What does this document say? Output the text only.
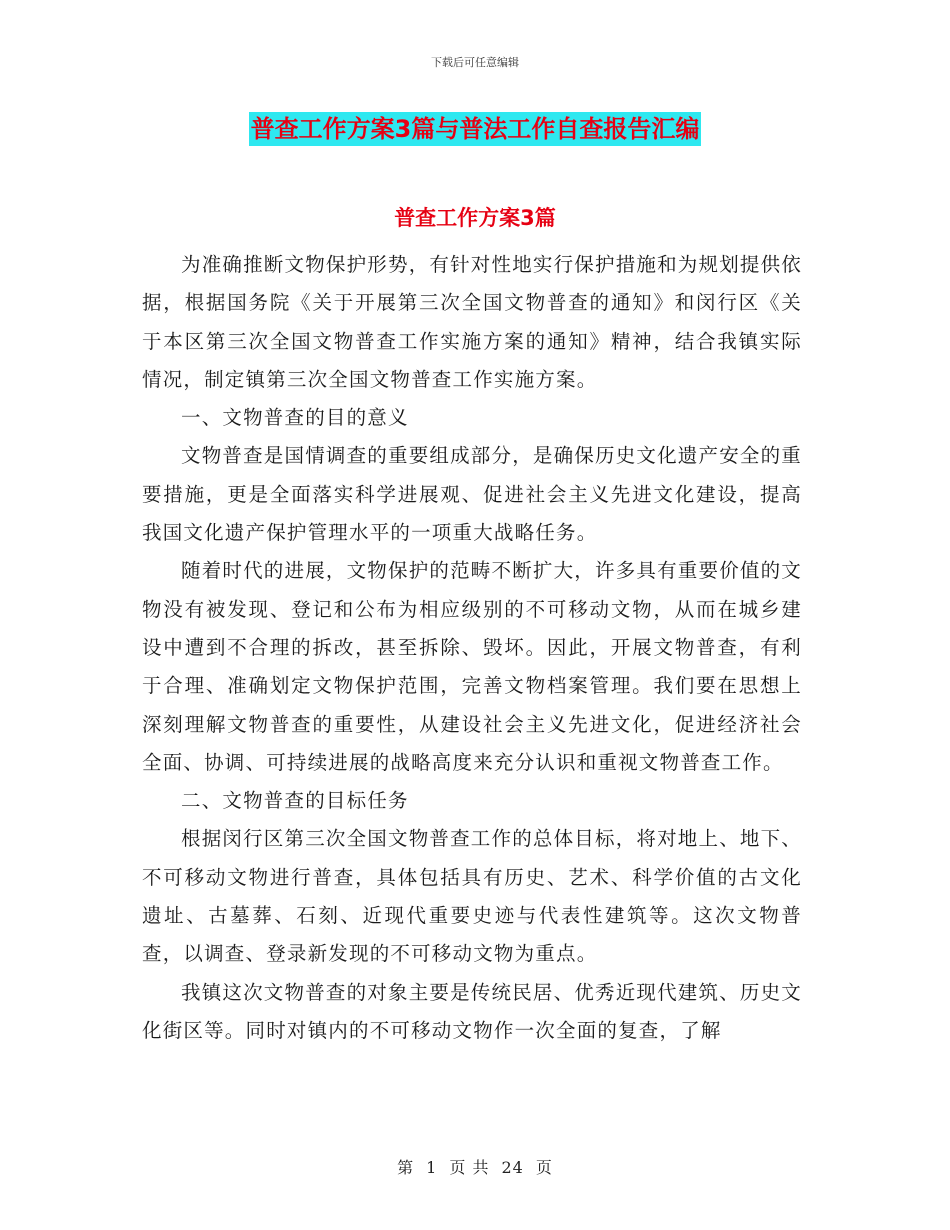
下载后可任意编辑
普查工作方案3篇与普法工作自查报告汇编
普查工作方案3篇

为准确推断文物保护形势，有针对性地实行保护措施和为规划提供依据，根据国务院《关于开展第三次全国文物普查的通知》和闵行区《关于本区第三次全国文物普查工作实施方案的通知》精神，结合我镇实际情况，制定镇第三次全国文物普查工作实施方案。

一、文物普查的目的意义

文物普查是国情调查的重要组成部分，是确保历史文化遗产安全的重要措施，更是全面落实科学进展观、促进社会主义先进文化建设，提高我国文化遗产保护管理水平的一项重大战略任务。

随着时代的进展，文物保护的范畴不断扩大，许多具有重要价值的文物没有被发现、登记和公布为相应级别的不可移动文物，从而在城乡建设中遭到不合理的拆改，甚至拆除、毁坏。因此，开展文物普查，有利于合理、准确划定文物保护范围，完善文物档案管理。我们要在思想上深刻理解文物普查的重要性，从建设社会主义先进文化，促进经济社会全面、协调、可持续进展的战略高度来充分认识和重视文物普查工作。

二、文物普查的目标任务

根据闵行区第三次全国文物普查工作的总体目标，将对地上、地下、不可移动文物进行普查，具体包括具有历史、艺术、科学价值的古文化遗址、古墓葬、石刻、近现代重要史迹与代表性建筑等。这次文物普查，以调查、登录新发现的不可移动文物为重点。

我镇这次文物普查的对象主要是传统民居、优秀近现代建筑、历史文化街区等。同时对镇内的不可移动文物作一次全面的复查，了解

第 1 页 共 24 页
